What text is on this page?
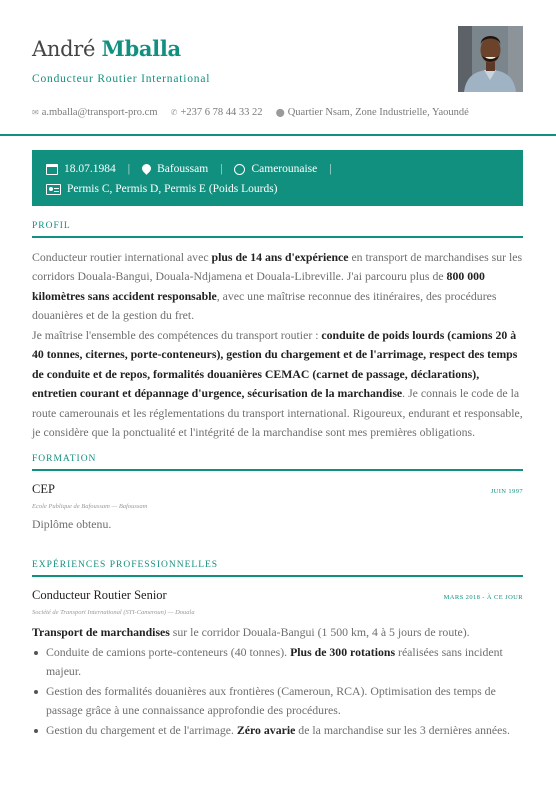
André Mballa
Conducteur Routier International
✉ a.mballa@transport-pro.cm ✆ +237 6 78 44 33 22 ⬤ Quartier Nsam, Zone Industrielle, Yaoundé
18.07.1984 | Bafoussam |	Camerounaise |
Permis C, Permis D, Permis E (Poids Lourds)
PROFIL
Conducteur routier international avec plus de 14 ans d'expérience en transport de marchandises sur les corridors Douala-Bangui, Douala-Ndjamena et Douala-Libreville. J'ai parcouru plus de 800 000 kilomètres sans accident responsable, avec une maîtrise reconnue des itinéraires, des procédures douanières et de la gestion du fret.
Je maîtrise l'ensemble des compétences du transport routier : conduite de poids lourds (camions 20 à 40 tonnes, citernes, porte-conteneurs), gestion du chargement et de l'arrimage, respect des temps de conduite et de repos, formalités douanières CEMAC (carnet de passage, déclarations), entretien courant et dépannage d'urgence, sécurisation de la marchandise. Je connais le code de la route camerounais et les réglementations du transport international. Rigoureux, endurant et responsable, je considère que la ponctualité et l'intégrité de la marchandise sont mes premières obligations.
FORMATION
CEP	JUIN 1997
Ecole Publique de Bafoussam — Bafoussam
Diplôme obtenu.
EXPÉRIENCES PROFESSIONNELLES
Conducteur Routier Senior	MARS 2018 - À CE JOUR
Société de Transport International (STI-Cameroun) — Douala
Transport de marchandises sur le corridor Douala-Bangui (1 500 km, 4 à 5 jours de route).
Conduite de camions porte-conteneurs (40 tonnes). Plus de 300 rotations réalisées sans incident majeur.
Gestion des formalités douanières aux frontières (Cameroun, RCA). Optimisation des temps de passage grâce à une connaissance approfondie des procédures.
Gestion du chargement et de l'arrimage. Zéro avarie de la marchandise sur les 3 dernières années.
